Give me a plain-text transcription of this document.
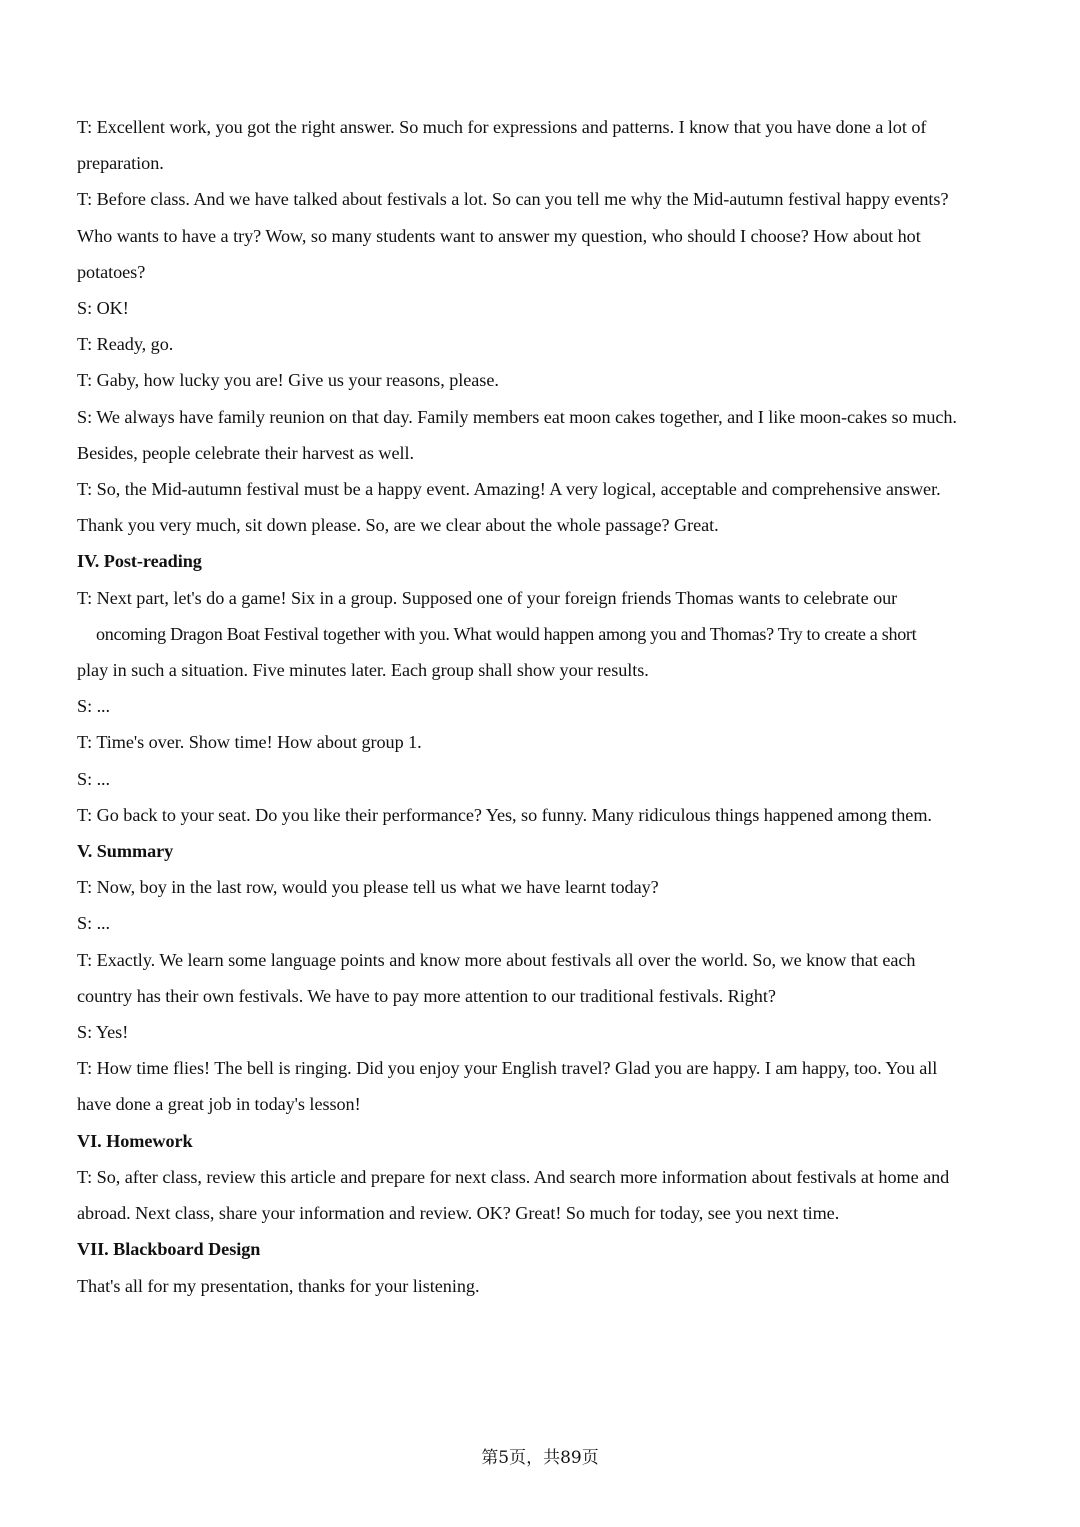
T: Excellent work, you got the right answer. So much for expressions and patterns. I know that you have done a lot of
preparation.
T: Before class. And we have talked about festivals a lot. So can you tell me why the Mid-autumn festival happy events?
Who wants to have a try? Wow, so many students want to answer my question, who should I choose? How about hot
potatoes?
S: OK!
T: Ready, go.
T: Gaby, how lucky you are! Give us your reasons, please.
S: We always have family reunion on that day. Family members eat moon cakes together, and I like moon-cakes so much.
Besides, people celebrate their harvest as well.
T: So, the Mid-autumn festival must be a happy event. Amazing! A very logical, acceptable and comprehensive answer.
Thank you very much, sit down please. So, are we clear about the whole passage? Great.
IV. Post-reading
T: Next part, let's do a game! Six in a group. Supposed one of your foreign friends Thomas wants to celebrate our
oncoming Dragon Boat Festival together with you. What would happen among you and Thomas? Try to create a short
play in such a situation. Five minutes later. Each group shall show your results.
S: ...
T: Time's over. Show time! How about group 1.
S: ...
T: Go back to your seat. Do you like their performance? Yes, so funny. Many ridiculous things happened among them.
V. Summary
T: Now, boy in the last row, would you please tell us what we have learnt today?
S: ...
T: Exactly. We learn some language points and know more about festivals all over the world. So, we know that each
country has their own festivals. We have to pay more attention to our traditional festivals. Right?
S: Yes!
T: How time flies! The bell is ringing. Did you enjoy your English travel? Glad you are happy. I am happy, too. You all
have done a great job in today's lesson!
VI. Homework
T: So, after class, review this article and prepare for next class. And search more information about festivals at home and
abroad. Next class, share your information and review. OK? Great! So much for today, see you next time.
VII. Blackboard Design
That's all for my presentation, thanks for your listening.
第5页，共89页
